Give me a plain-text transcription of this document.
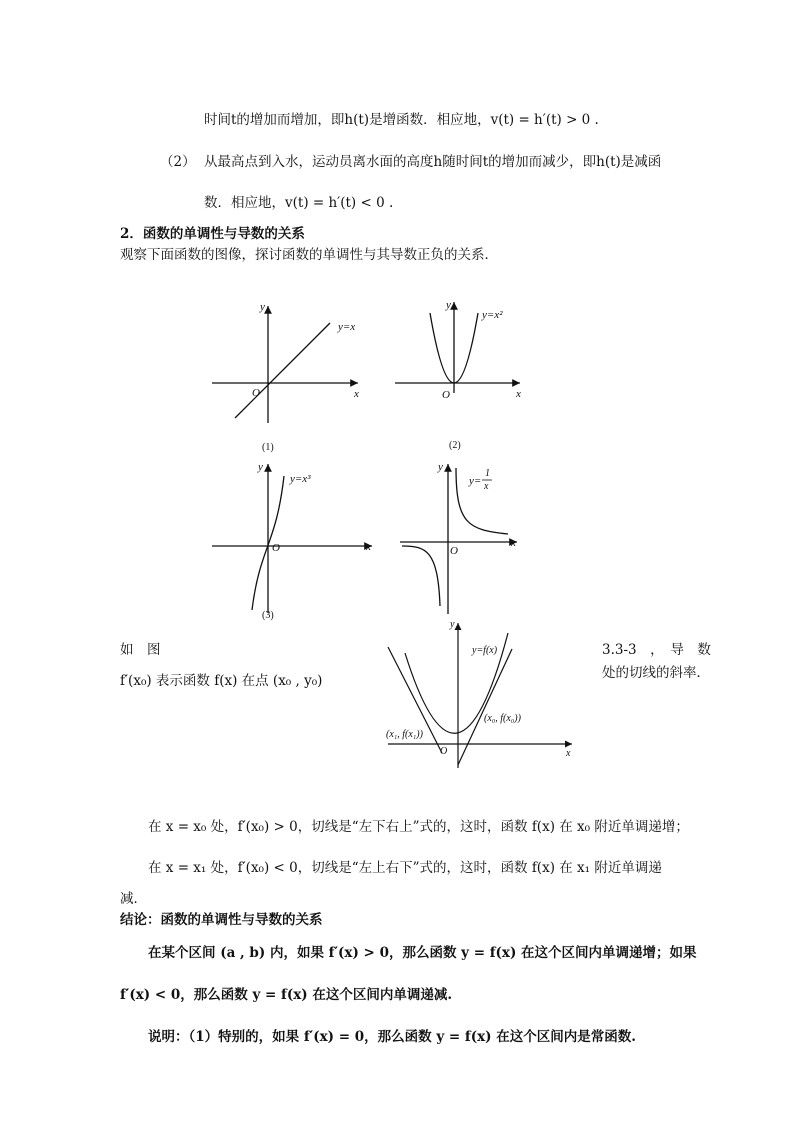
时间t的增加而增加，即h(t)是增函数．相应地，v(t) = h′(t) > 0 .
（2） 从最高点到入水，运动员离水面的高度h随时间t的增加而减少，即h(t)是减函
数．相应地，v(t) = h′(t) < 0 .
2．函数的单调性与导数的关系
观察下面函数的图像，探讨函数的单调性与其导数正负的关系．
y
x
O
y=x
y
x
O
y=x²
y
x
O
y=x³
y
x
O
y=
1
x
(1)	(2)
(3)
如　图	3.3-3　，　导　数
f′(x₀) 表示函数 f(x) 在点 (x₀ , y₀)	处的切线的斜率．
y
x
O
y=f(x)
(x₀, f(x₀))
(x₁, f(x₁))
在 x = x₀ 处，f′(x₀) > 0，切线是“左下右上”式的，这时，函数 f(x) 在 x₀ 附近单调递增；
在 x = x₁ 处，f′(x₀) < 0，切线是“左上右下”式的，这时，函数 f(x) 在 x₁ 附近单调递
减．
结论：函数的单调性与导数的关系
在某个区间 (a , b) 内，如果 f′(x) > 0，那么函数 y = f(x) 在这个区间内单调递增；如果
f′(x) < 0，那么函数 y = f(x) 在这个区间内单调递减.
说明：（1）特别的，如果 f′(x) = 0，那么函数 y = f(x) 在这个区间内是常函数.
